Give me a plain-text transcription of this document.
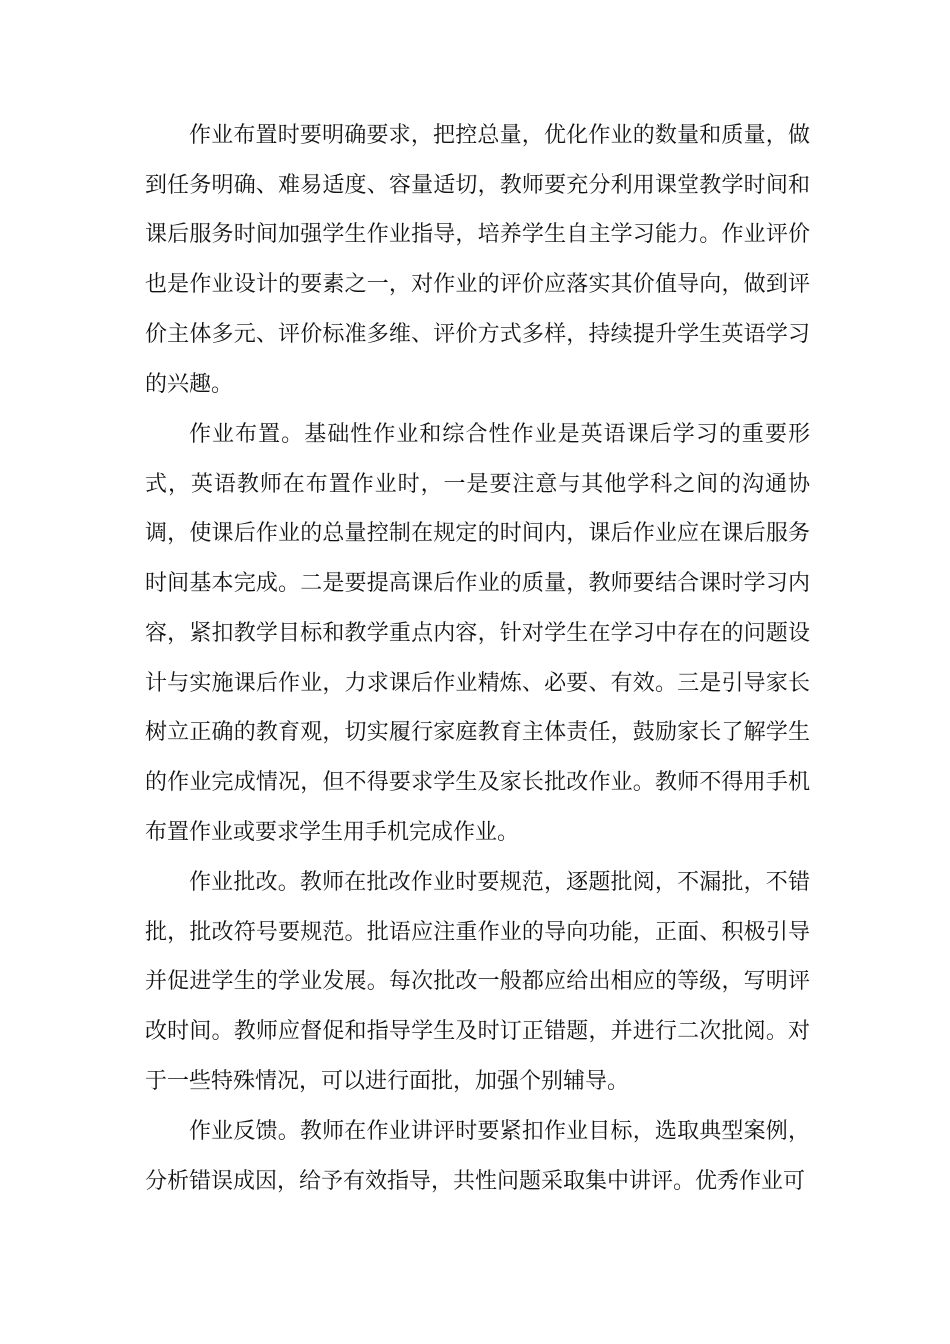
作业布置时要明确要求，把控总量，优化作业的数量和质量，做到任务明确、难易适度、容量适切，教师要充分利用课堂教学时间和课后服务时间加强学生作业指导，培养学生自主学习能力。作业评价也是作业设计的要素之一，对作业的评价应落实其价值导向，做到评价主体多元、评价标准多维、评价方式多样，持续提升学生英语学习的兴趣。

作业布置。基础性作业和综合性作业是英语课后学习的重要形式，英语教师在布置作业时，一是要注意与其他学科之间的沟通协调，使课后作业的总量控制在规定的时间内，课后作业应在课后服务时间基本完成。二是要提高课后作业的质量，教师要结合课时学习内容，紧扣教学目标和教学重点内容，针对学生在学习中存在的问题设计与实施课后作业，力求课后作业精炼、必要、有效。三是引导家长树立正确的教育观，切实履行家庭教育主体责任，鼓励家长了解学生的作业完成情况，但不得要求学生及家长批改作业。教师不得用手机布置作业或要求学生用手机完成作业。

作业批改。教师在批改作业时要规范，逐题批阅，不漏批，不错批，批改符号要规范。批语应注重作业的导向功能，正面、积极引导并促进学生的学业发展。每次批改一般都应给出相应的等级，写明评改时间。教师应督促和指导学生及时订正错题，并进行二次批阅。对于一些特殊情况，可以进行面批，加强个别辅导。

作业反馈。教师在作业讲评时要紧扣作业目标，选取典型案例，分析错误成因，给予有效指导，共性问题采取集中讲评。优秀作业可
